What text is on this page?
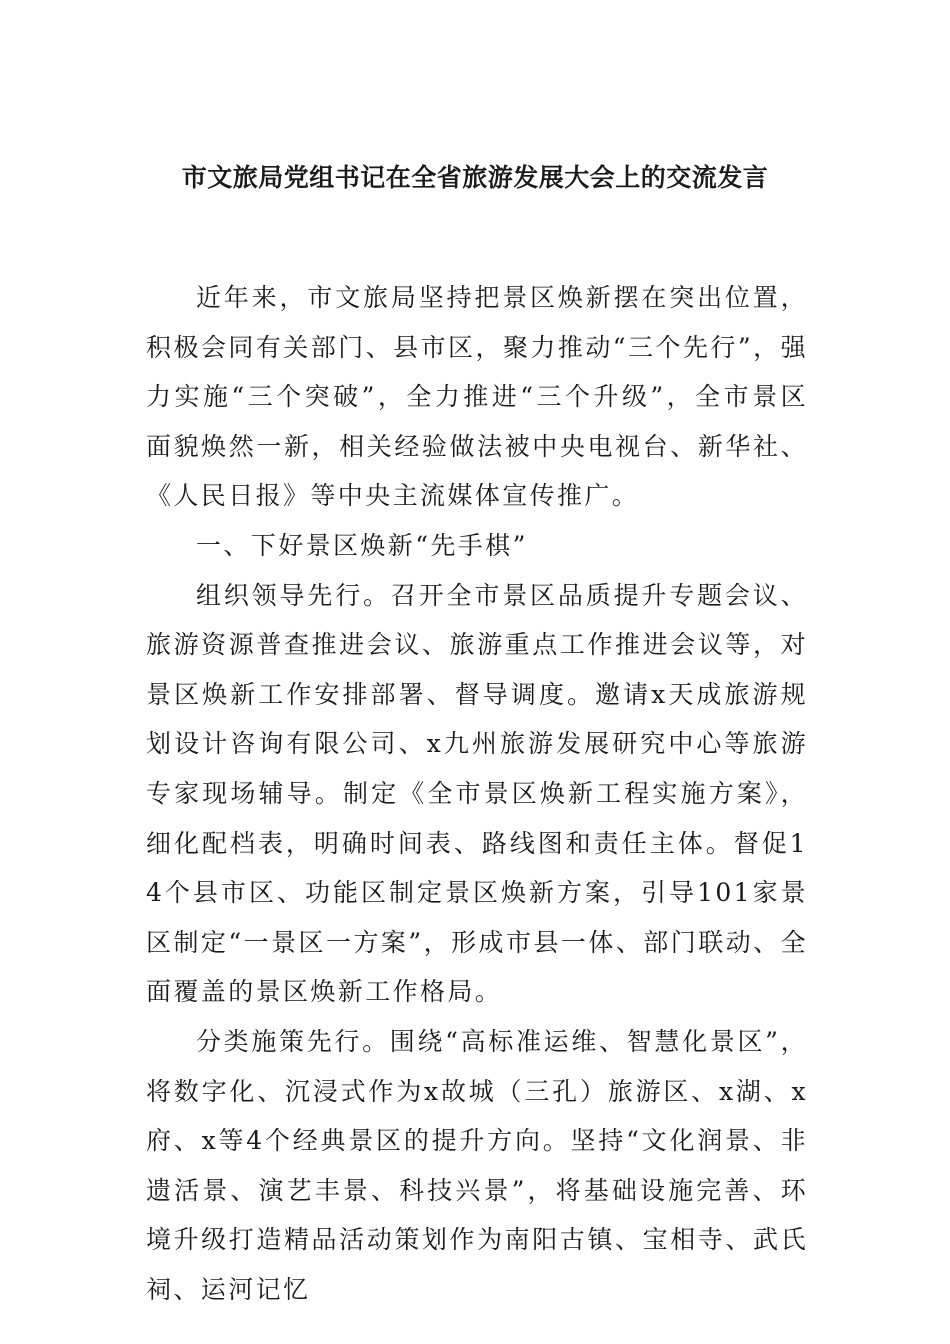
市文旅局党组书记在全省旅游发展大会上的交流发言

近年来，市文旅局坚持把景区焕新摆在突出位置，积极会同有关部门、县市区，聚力推动“三个先行”，强力实施“三个突破”，全力推进“三个升级”，全市景区面貌焕然一新，相关经验做法被中央电视台、新华社、《人民日报》等中央主流媒体宣传推广。

一、下好景区焕新“先手棋”

组织领导先行。召开全市景区品质提升专题会议、旅游资源普查推进会议、旅游重点工作推进会议等，对景区焕新工作安排部署、督导调度。邀请x天成旅游规划设计咨询有限公司、x九州旅游发展研究中心等旅游专家现场辅导。制定《全市景区焕新工程实施方案》，细化配档表，明确时间表、路线图和责任主体。督促14个县市区、功能区制定景区焕新方案，引导101家景区制定“一景区一方案”，形成市县一体、部门联动、全面覆盖的景区焕新工作格局。

分类施策先行。围绕“高标准运维、智慧化景区”，将数字化、沉浸式作为x故城（三孔）旅游区、x湖、x府、x等4个经典景区的提升方向。坚持“文化润景、非遗活景、演艺丰景、科技兴景”，将基础设施完善、环境升级打造精品活动策划作为南阳古镇、宝相寺、武氏祠、运河记忆
